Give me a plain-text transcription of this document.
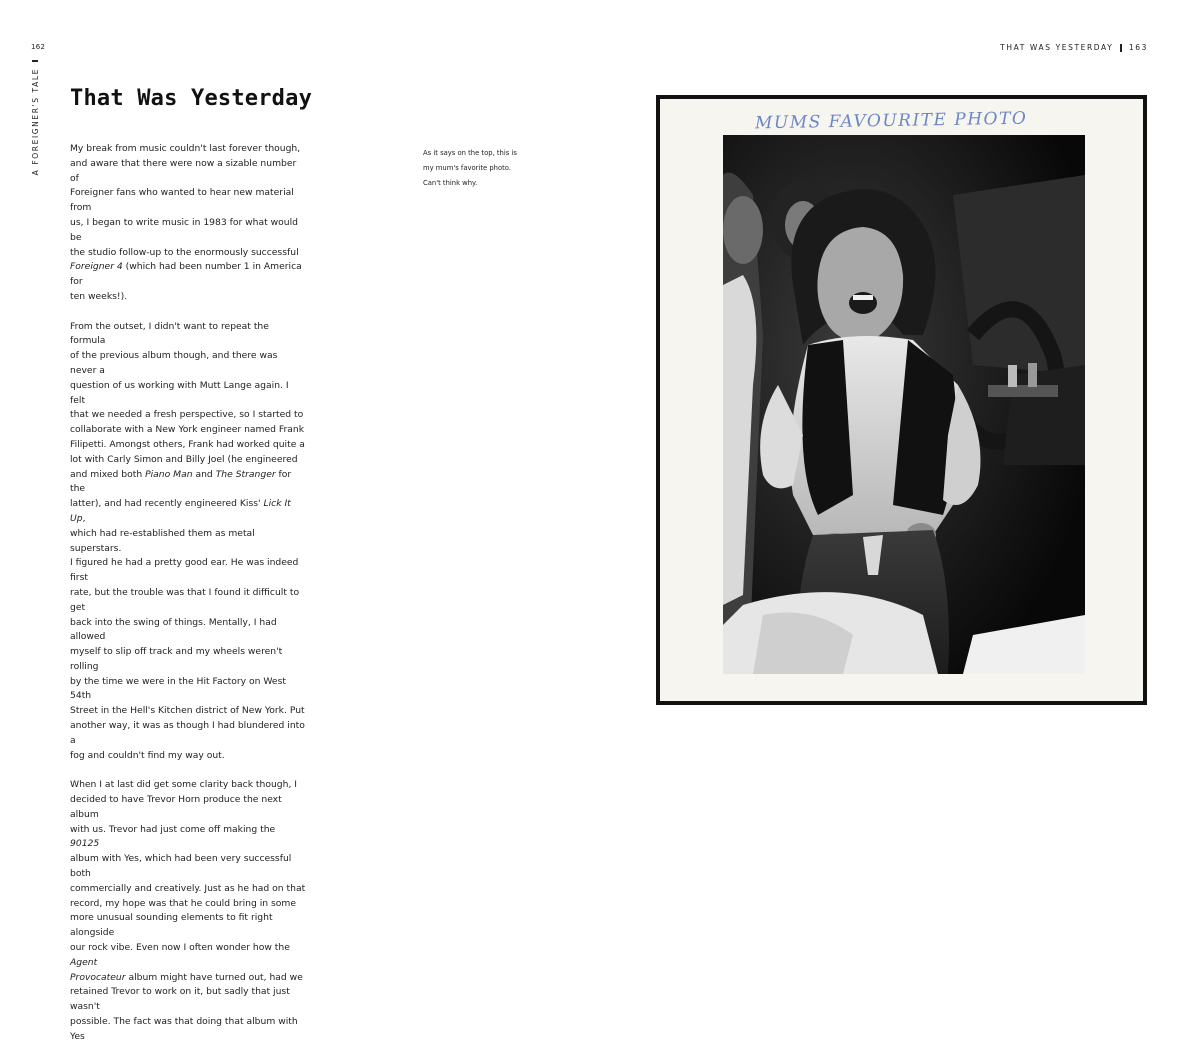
162
A FOREIGNER'S TALE That Was Yesterday

My break from music couldn't last forever though,
and aware that there were now a sizable number of
Foreigner fans who wanted to hear new material from
us, I began to write music in 1983 for what would be
the studio follow-up to the enormously successful
Foreigner 4 (which had been number 1 in America for
ten weeks!).

From the outset, I didn't want to repeat the formula
of the previous album though, and there was never a
question of us working with Mutt Lange again. I felt
that we needed a fresh perspective, so I started to
collaborate with a New York engineer named Frank
Filipetti. Amongst others, Frank had worked quite a
lot with Carly Simon and Billy Joel (he engineered
and mixed both Piano Man and The Stranger for the
latter), and had recently engineered Kiss' Lick It Up,
which had re-established them as metal superstars.
I figured he had a pretty good ear. He was indeed first
rate, but the trouble was that I found it difficult to get
back into the swing of things. Mentally, I had allowed
myself to slip off track and my wheels weren't rolling
by the time we were in the Hit Factory on West 54th
Street in the Hell's Kitchen district of New York. Put
another way, it was as though I had blundered into a
fog and couldn't find my way out.

When I at last did get some clarity back though, I
decided to have Trevor Horn produce the next album
with us. Trevor had just come off making the 90125
album with Yes, which had been very successful both
commercially and creatively. Just as he had on that
record, my hope was that he could bring in some
more unusual sounding elements to fit right alongside
our rock vibe. Even now I often wonder how the Agent
Provocateur album might have turned out, had we
retained Trevor to work on it, but sadly that just wasn't
possible. The fact was that doing that album with Yes

As it says on the top, this is my mum's favorite photo. Can't think why.
THAT WAS YESTERDAY 163
MUMS FAVOURITE PHOTO
